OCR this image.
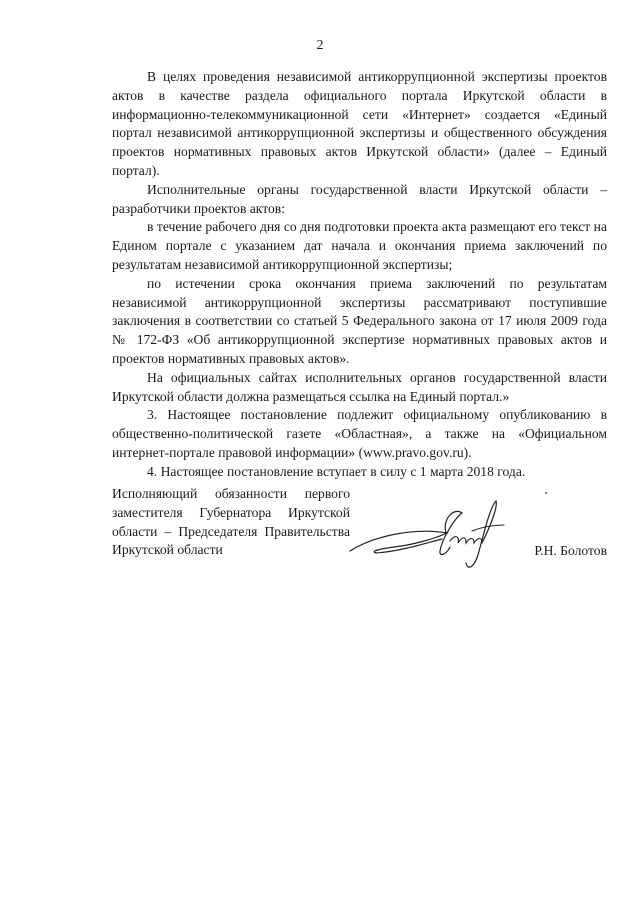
2

В целях проведения независимой антикоррупционной экспертизы проектов актов в качестве раздела официального портала Иркутской области в информационно-телекоммуникационной сети «Интернет» создается «Единый портал независимой антикоррупционной экспертизы и общественного обсуждения проектов нормативных правовых актов Иркутской области» (далее – Единый портал).

Исполнительные органы государственной власти Иркутской области – разработчики проектов актов:

в течение рабочего дня со дня подготовки проекта акта размещают его текст на Едином портале с указанием дат начала и окончания приема заключений по результатам независимой антикоррупционной экспертизы;

по истечении срока окончания приема заключений по результатам независимой антикоррупционной экспертизы рассматривают поступившие заключения в соответствии со статьей 5 Федерального закона от 17 июля 2009 года № 172-ФЗ «Об антикоррупционной экспертизе нормативных правовых актов и проектов нормативных правовых актов».

На официальных сайтах исполнительных органов государственной власти Иркутской области должна размещаться ссылка на Единый портал.»

3. Настоящее постановление подлежит официальному опубликованию в общественно-политической газете «Областная», а также на «Официальном интернет-портале правовой информации» (www.pravo.gov.ru).

4. Настоящее постановление вступает в силу с 1 марта 2018 года.

Исполняющий обязанности первого заместителя Губернатора Иркутской области – Председателя Правительства Иркутской области	Р.Н. Болотов
